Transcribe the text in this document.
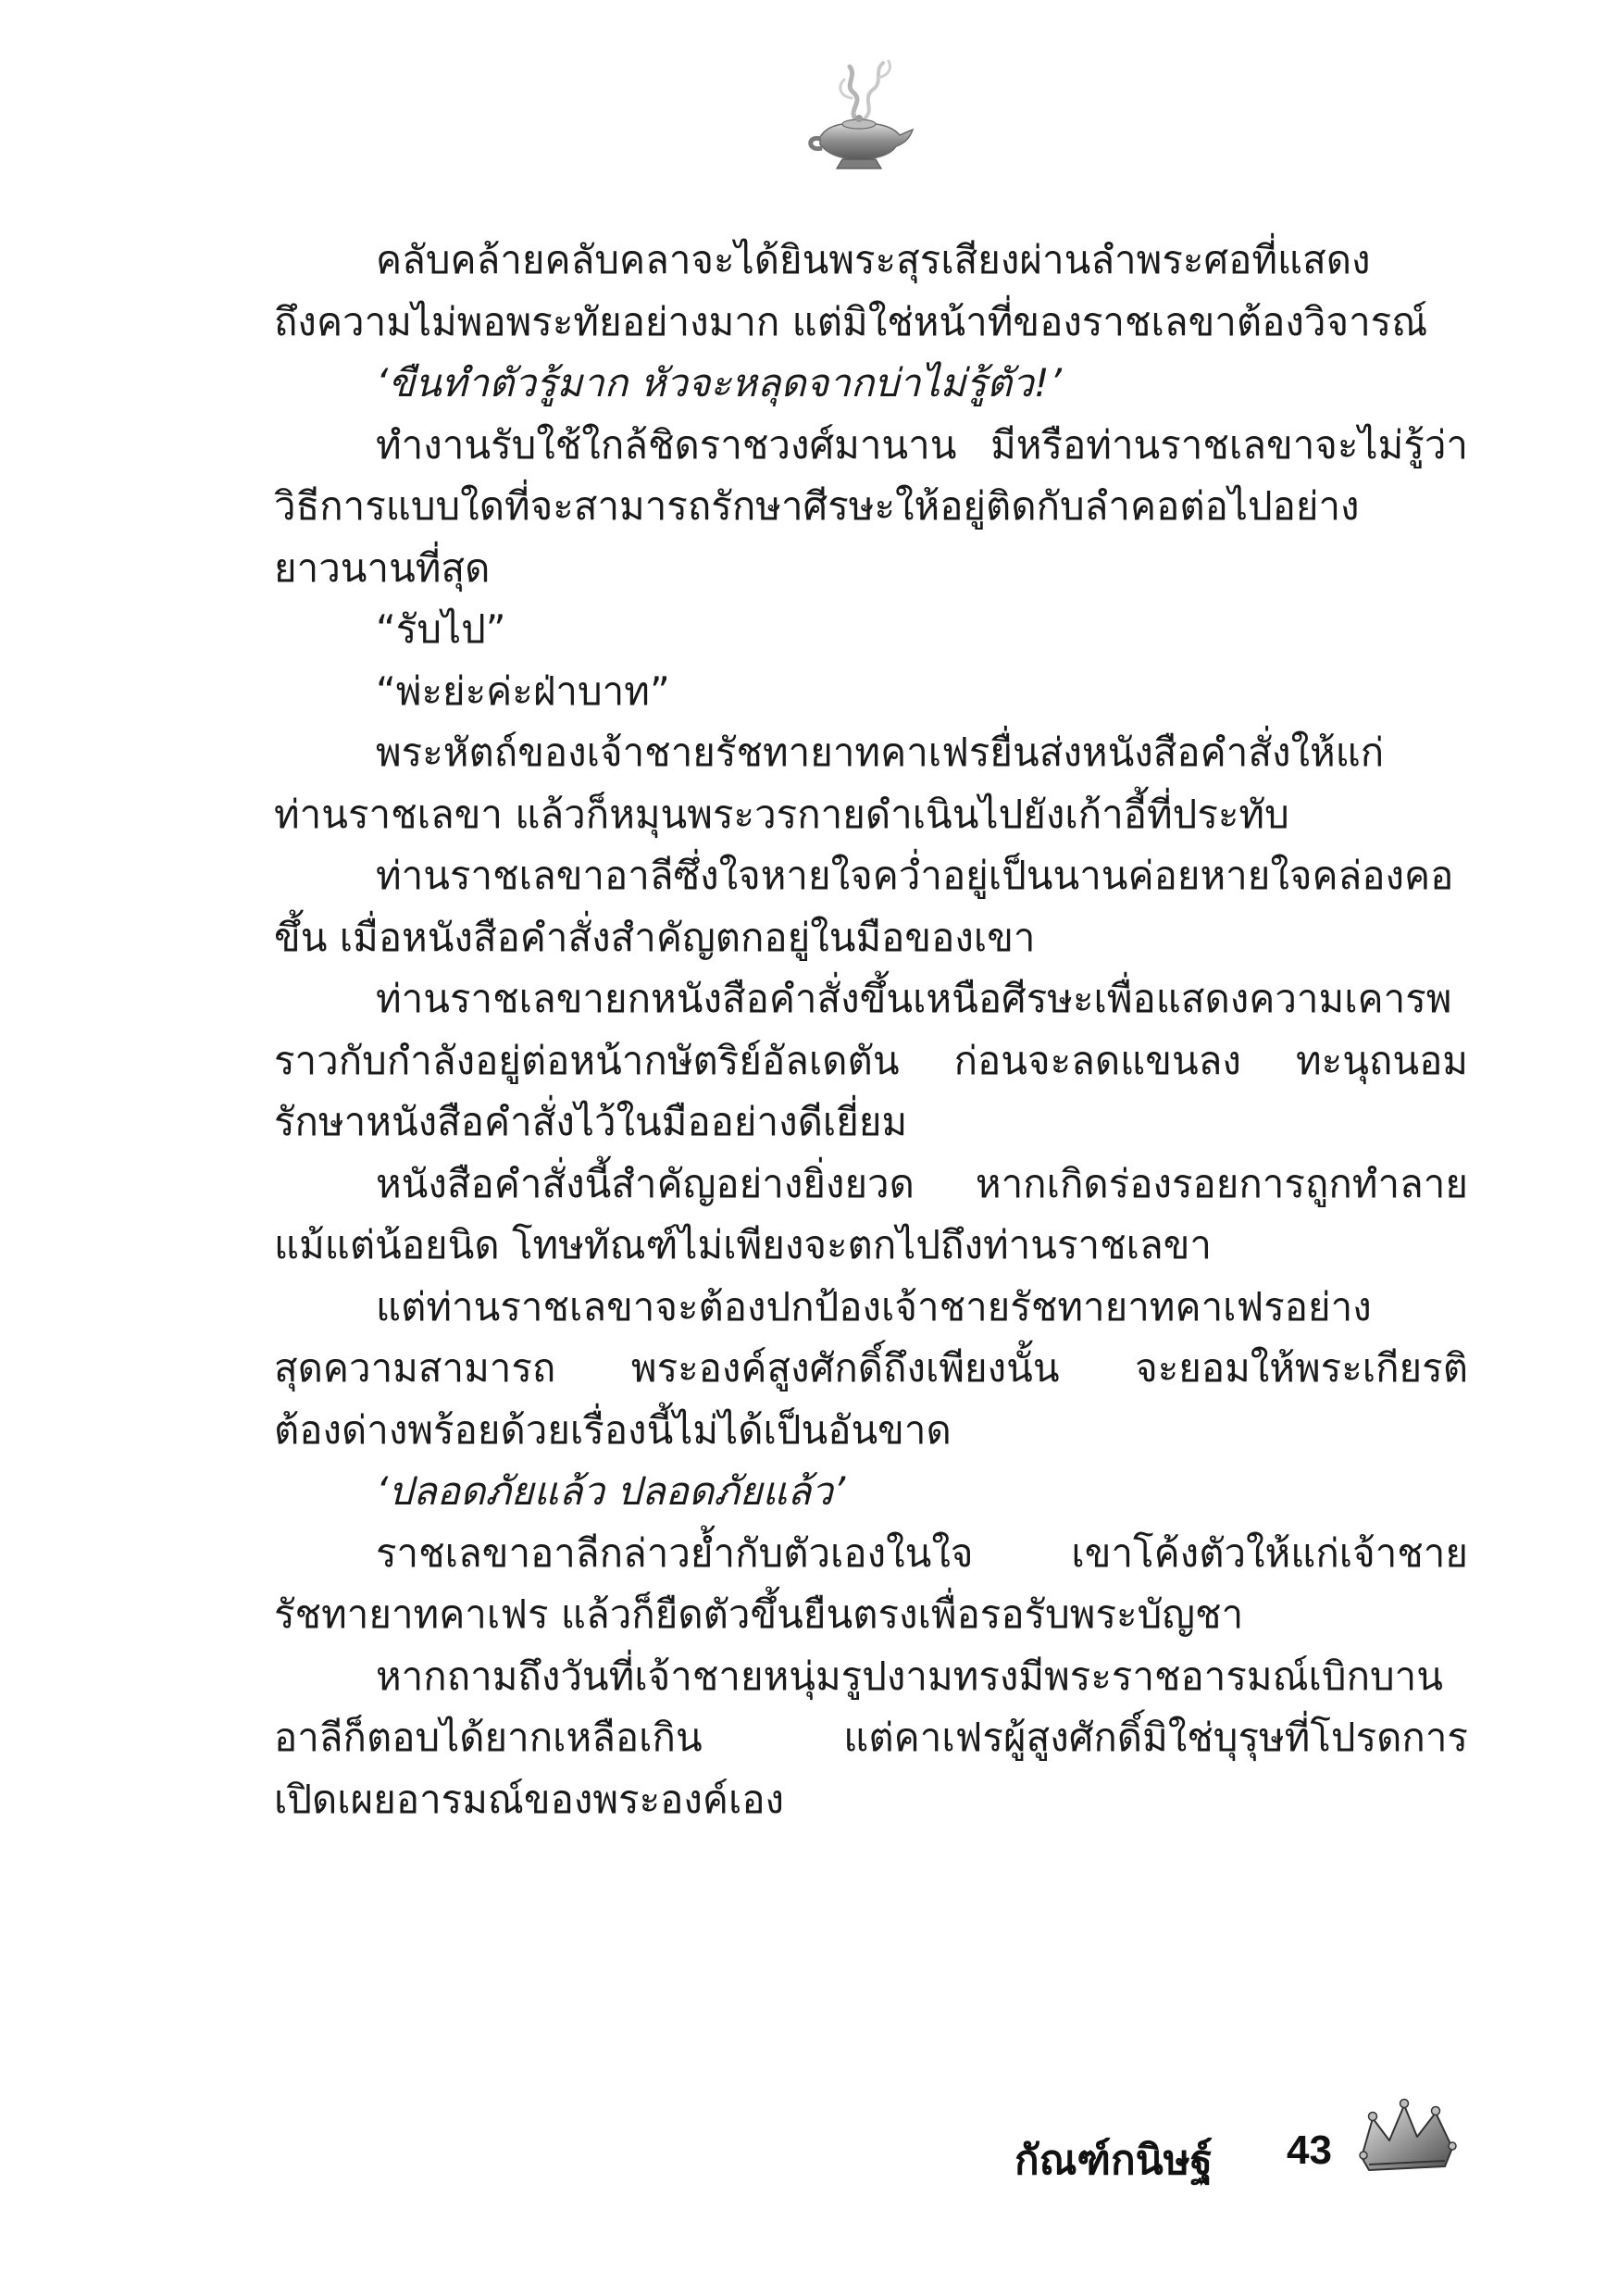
คลับคล้ายคลับคลาจะได้ยินพระสุรเสียงผ่านลำพระศอที่แสดง
ถึงความไม่พอพระทัยอย่างมาก แต่มิใช่หน้าที่ของราชเลขาต้องวิจารณ์
‘ขืนทำตัวรู้มาก หัวจะหลุดจากบ่าไม่รู้ตัว!’
ทำงานรับใช้ใกล้ชิดราชวงศ์มานาน มีหรือท่านราชเลขาจะไม่รู้ว่า
วิธีการแบบใดที่จะสามารถรักษาศีรษะให้อยู่ติดกับลำคอต่อไปอย่าง
ยาวนานที่สุด
“รับไป”
“พ่ะย่ะค่ะฝ่าบาท”
พระหัตถ์ของเจ้าชายรัชทายาทคาเฟรยื่นส่งหนังสือคำสั่งให้แก่
ท่านราชเลขา แล้วก็หมุนพระวรกายดำเนินไปยังเก้าอี้ที่ประทับ
ท่านราชเลขาอาลีซึ่งใจหายใจคว่ำอยู่เป็นนานค่อยหายใจคล่องคอ
ขึ้น เมื่อหนังสือคำสั่งสำคัญตกอยู่ในมือของเขา
ท่านราชเลขายกหนังสือคำสั่งขึ้นเหนือศีรษะเพื่อแสดงความเคารพ
ราวกับกำลังอยู่ต่อหน้ากษัตริย์อัลเดตัน ก่อนจะลดแขนลง ทะนุถนอม
รักษาหนังสือคำสั่งไว้ในมืออย่างดีเยี่ยม
หนังสือคำสั่งนี้สำคัญอย่างยิ่งยวด หากเกิดร่องรอยการถูกทำลาย
แม้แต่น้อยนิด โทษทัณฑ์ไม่เพียงจะตกไปถึงท่านราชเลขา
แต่ท่านราชเลขาจะต้องปกป้องเจ้าชายรัชทายาทคาเฟรอย่าง
สุดความสามารถ พระองค์สูงศักดิ์ถึงเพียงนั้น จะยอมให้พระเกียรติ
ต้องด่างพร้อยด้วยเรื่องนี้ไม่ได้เป็นอันขาด
‘ปลอดภัยแล้ว ปลอดภัยแล้ว’
ราชเลขาอาลีกล่าวย้ำกับตัวเองในใจ เขาโค้งตัวให้แก่เจ้าชาย
รัชทายาทคาเฟร แล้วก็ยืดตัวขึ้นยืนตรงเพื่อรอรับพระบัญชา
หากถามถึงวันที่เจ้าชายหนุ่มรูปงามทรงมีพระราชอารมณ์เบิกบาน
อาลีก็ตอบได้ยากเหลือเกิน แต่คาเฟรผู้สูงศักดิ์มิใช่บุรุษที่โปรดการ
เปิดเผยอารมณ์ของพระองค์เอง
กัณฑ์กนิษฐ์ 43
